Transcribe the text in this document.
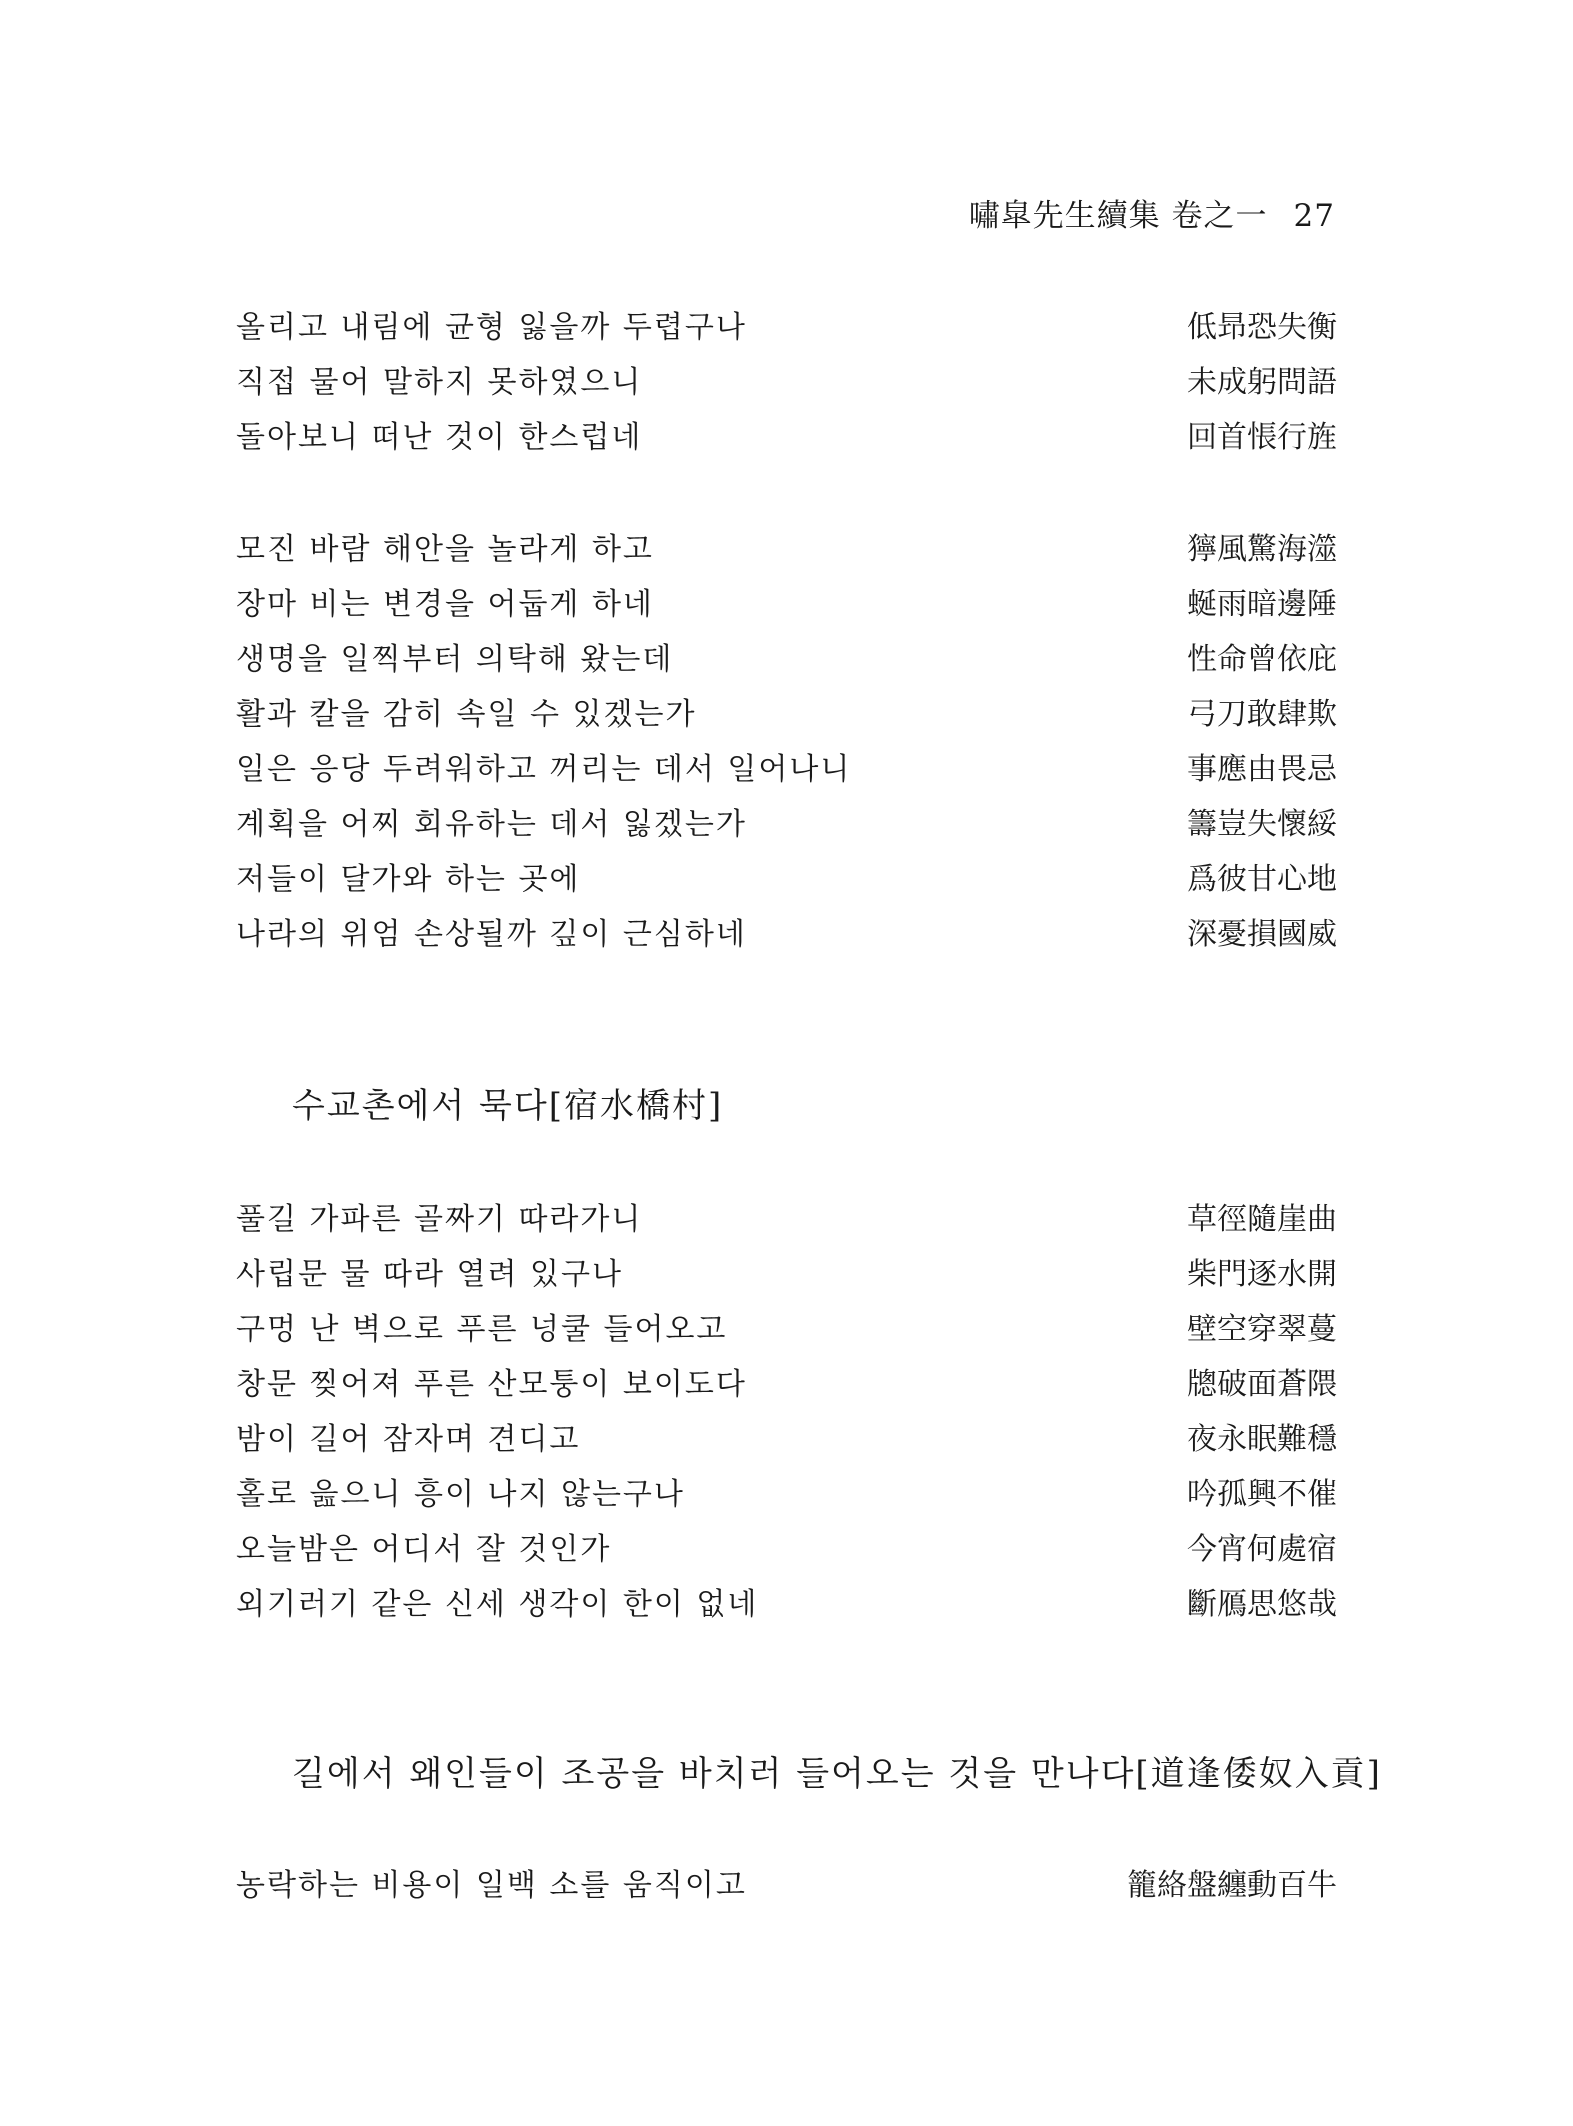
嘯皐先生續集 卷之一 27
올리고 내림에 균형 잃을까 두렵구나	低昻恐失衡
직접 물어 말하지 못하였으니	未成躬問語
돌아보니 떠난 것이 한스럽네	回首悵行旌
모진 바람 해안을 놀라게 하고	獰風驚海澨
장마 비는 변경을 어둡게 하네	蜒雨暗邊陲
생명을 일찍부터 의탁해 왔는데	性命曾依庇
활과 칼을 감히 속일 수 있겠는가	弓刀敢肆欺
일은 응당 두려워하고 꺼리는 데서 일어나니	事應由畏忌
계획을 어찌 회유하는 데서 잃겠는가	籌豈失懷綏
저들이 달가와 하는 곳에	爲彼甘心地
나라의 위엄 손상될까 깊이 근심하네	深憂損國威
수교촌에서 묵다[宿水橋村]
풀길 가파른 골짜기 따라가니	草徑隨崖曲
사립문 물 따라 열려 있구나	柴門逐水開
구멍 난 벽으로 푸른 넝쿨 들어오고	壁空穿翠蔓
창문 찢어져 푸른 산모퉁이 보이도다	牕破面蒼隈
밤이 길어 잠자며 견디고	夜永眠難穩
홀로 읊으니 흥이 나지 않는구나	吟孤興不催
오늘밤은 어디서 잘 것인가	今宵何處宿
외기러기 같은 신세 생각이 한이 없네	斷鴈思悠哉
길에서 왜인들이 조공을 바치러 들어오는 것을 만나다[道逢倭奴入貢]
농락하는 비용이 일백 소를 움직이고	籠絡盤纏動百牛
